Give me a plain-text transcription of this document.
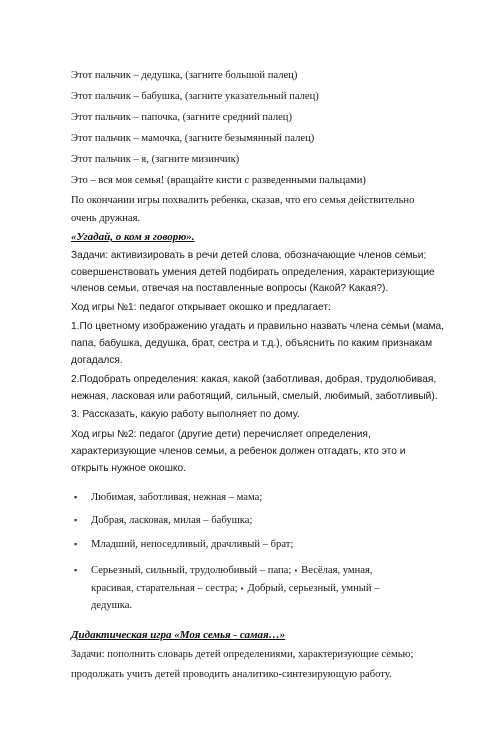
Этот пальчик – дедушка, (загните большой палец)
Этот пальчик – бабушка, (загните указательный палец)
Этот пальчик – папочка, (загните средний палец)
Этот пальчик – мамочка, (загните безымянный палец)
Этот пальчик – я, (загните мизинчик)
Это – вся моя семья! (вращайте кисти с разведенными пальцами)
По окончании игры похвалить ребенка, сказав, что его семья действительно
очень дружная.
«Угадай, о ком я говорю».
Задачи: активизировать в речи детей слова, обозначающие членов семьи;
совершенствовать умения детей подбирать определения, характеризующие
членов семьи, отвечая на поставленные вопросы (Какой? Какая?).
Ход игры №1: педагог открывает окошко и предлагает:
1.По цветному изображению угадать и правильно назвать члена семьи (мама,
папа, бабушка, дедушка, брат, сестра и т.д.), объяснить по каким признакам
догадался.
2.Подобрать определения: какая, какой (заботливая, добрая, трудолюбивая,
нежная, ласковая или работящий, сильный, смелый, любимый, заботливый).
3. Рассказать, какую работу выполняет по дому.
Ход игры №2: педагог (другие дети) перечисляет определения,
характеризующие членов семьи, а ребенок должен отгадать, кто это и
открыть нужное окошко.
▪ Любимая, заботливая, нежная – мама;
▪ Добрая, ласковая, милая – бабушка;
▪ Младший, непоседливый, драчливый – брат;
▪ Серьезный, сильный, трудолюбивый – папа; ▪ Весёлая, умная,
красивая, старательная – сестра; ▪ Добрый, серьезный, умный –
дедушка.
Дидактическая игра «Моя семья - самая…»
Задачи: пополнить словарь детей определениями, характеризующие семью;
продолжать учить детей проводить аналитико-синтезирующую работу.
